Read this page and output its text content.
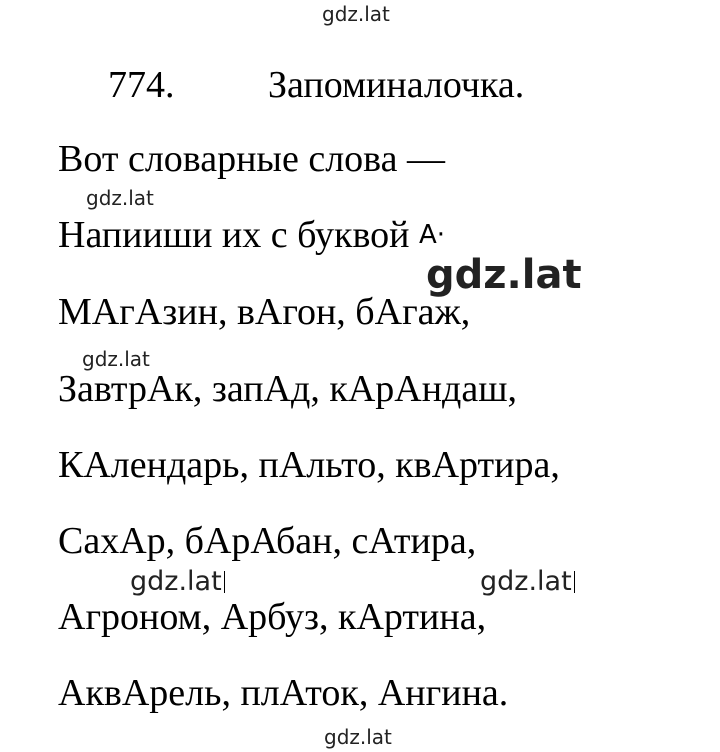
gdz.lat
gdz.lat
gdz.lat
gdz.lat
gdz.lat	gdz.lat
gdz.lat
774. Запоминалочка.
Вот словарные слова —
Напииши их с буквой А·
МАгАзин, вАгон, бАгаж,
ЗавтрАк, запАд, кАрАндаш,
КАлендарь, пАльто, квАртира,
СахАр, бАрАбан, сАтира,
Агроном, Арбуз, кАртина,
АквАрель, плАток, Ангина.
